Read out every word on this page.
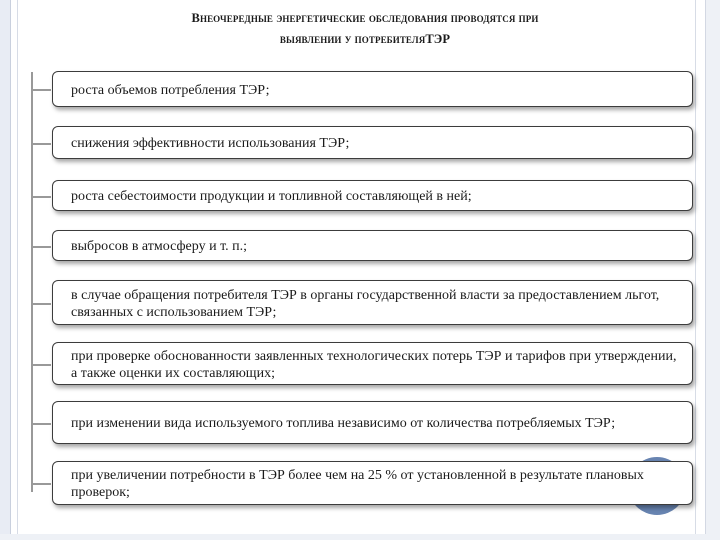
Внеочередные энергетические обследования проводятся при
выявлении у потребителяТЭР
роста объемов потребления ТЭР;
снижения эффективности использования ТЭР;
роста себестоимости продукции и топливной составляющей в ней;
выбросов в атмосферу и т. п.;
в случае обращения потребителя ТЭР в органы государственной власти за предоставлением льгот, связанных с использованием ТЭР;
при проверке обоснованности заявленных технологических потерь ТЭР и тарифов при утверждении, а также оценки их составляющих;
при изменении вида используемого топлива независимо от количества потребляемых ТЭР;
при увеличении потребности в ТЭР более чем на 25 % от установленной в результате плановых проверок;
